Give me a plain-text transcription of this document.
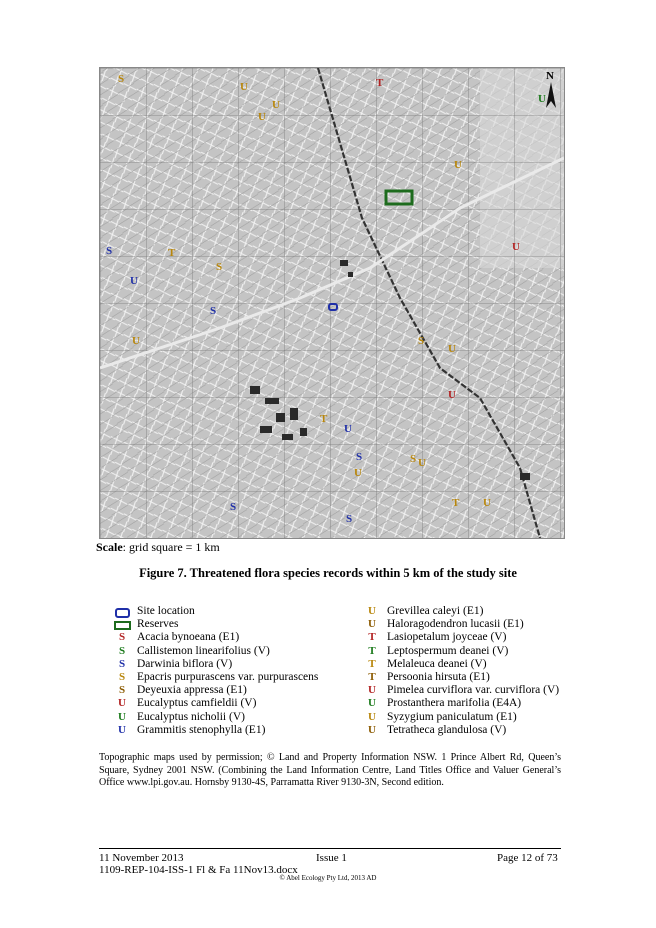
N
S
U	T
U	U
U
U
S	U
S
T
U
S
U	S
U
U
T
U
S
U
U
S
T
S	U
S
Scale: grid square = 1 km
Figure 7. Threatened flora species records within 5 km of the study site
Site location
Reserves
S	Acacia bynoeana (E1)
S	Callistemon linearifolius (V)
S	Darwinia biflora (V)
S	Epacris purpurascens var. purpurascens
S	Deyeuxia appressa (E1)
U Eucalyptus camfieldii (V)
U Eucalyptus nicholii (V)
U Grammitis stenophylla (E1)
U Grevillea caleyi (E1)
U Haloragodendron lucasii (E1)
T Lasiopetalum joyceae (V)
T Leptospermum deanei (V)
T Melaleuca deanei (V)
T Persoonia hirsuta (E1)
U Pimelea curviflora var. curviflora (V)
U Prostanthera marifolia (E4A)
U Syzygium paniculatum (E1)
U Tetratheca glandulosa (V)
Topographic maps used by permission; © Land and Property Information NSW. 1 Prince Albert Rd, Queen’s Square, Sydney 2001 NSW. (Combining the Land Information Centre, Land Titles Office and Valuer General’s Office www.lpi.gov.au. Hornsby 9130-4S, Parramatta River 9130-3N, Second edition.
11 November 2013	Issue 1	Page 12 of 73
1109-REP-104-ISS-1 Fl & Fa 11Nov13.docx
© Abel Ecology Pty Ltd, 2013 AD
